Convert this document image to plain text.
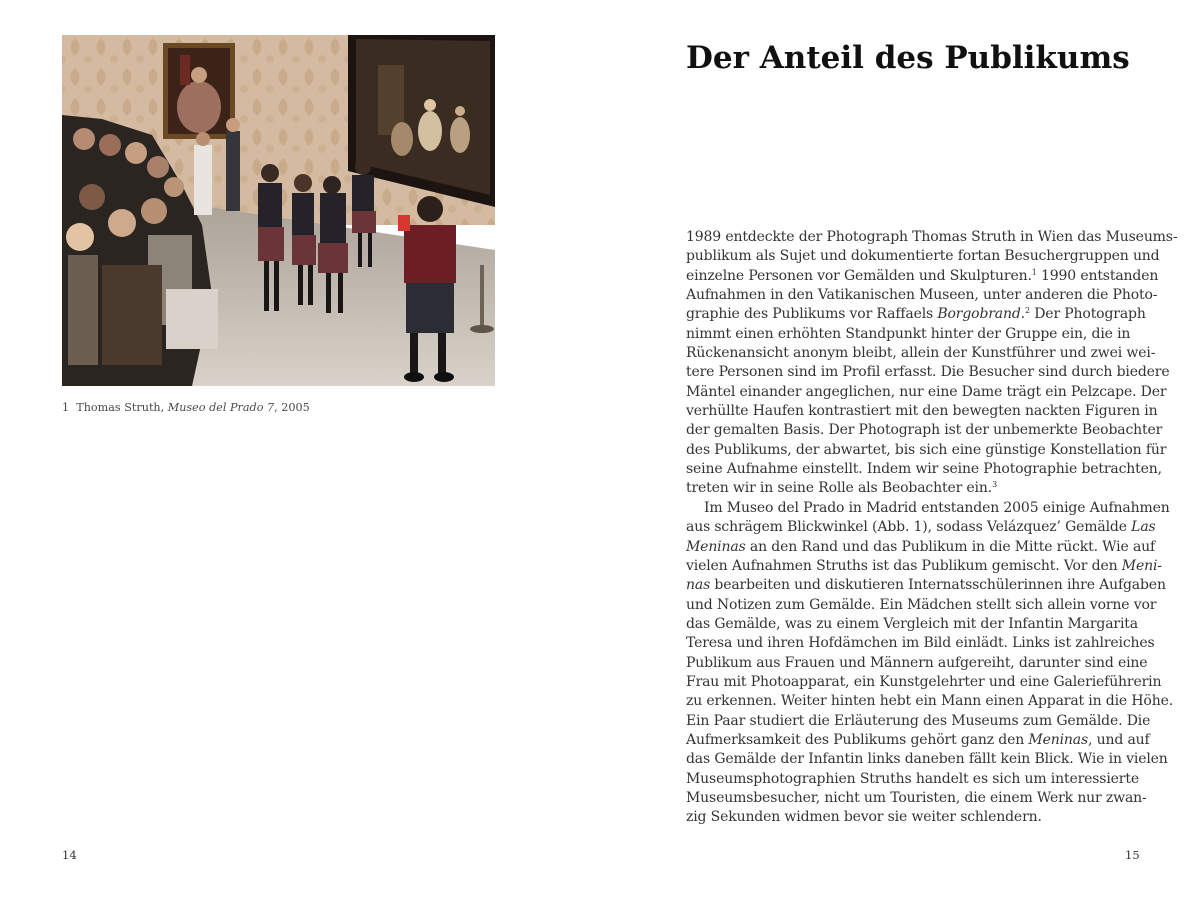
1 Thomas Struth, Museo del Prado 7, 2005
14
Der Anteil des Publikums
1989 entdeckte der Photograph Thomas Struth in Wien das Museums-
publikum als Sujet und dokumentierte fortan Besuchergruppen und
einzelne Personen vor Gemälden und Skulpturen.$^1$ 1990 entstanden
Aufnahmen in den Vatikanischen Museen, unter anderen die Photo-
graphie des Publikums vor Raffaels Borgobrand.$^2$ Der Photograph
nimmt einen erhöhten Standpunkt hinter der Gruppe ein, die in
Rückenansicht anonym bleibt, allein der Kunstführer und zwei wei-
tere Personen sind im Profil erfasst. Die Besucher sind durch biedere
Mäntel einander angeglichen, nur eine Dame trägt ein Pelzcape. Der
verhüllte Haufen kontrastiert mit den bewegten nackten Figuren in
der gemalten Basis. Der Photograph ist der unbemerkte Beobachter
des Publikums, der abwartet, bis sich eine günstige Konstellation für
seine Aufnahme einstellt. Indem wir seine Photographie betrachten,
treten wir in seine Rolle als Beobachter ein.$^3$
Im Museo del Prado in Madrid entstanden 2005 einige Aufnahmen
aus schrägem Blickwinkel (Abb. 1), sodass Velázquez’ Gemälde Las
Meninas an den Rand und das Publikum in die Mitte rückt. Wie auf
vielen Aufnahmen Struths ist das Publikum gemischt. Vor den Meni-
nas bearbeiten und diskutieren Internatsschülerinnen ihre Aufgaben
und Notizen zum Gemälde. Ein Mädchen stellt sich allein vorne vor
das Gemälde, was zu einem Vergleich mit der Infantin Margarita
Teresa und ihren Hofdämchen im Bild einlädt. Links ist zahlreiches
Publikum aus Frauen und Männern aufgereiht, darunter sind eine
Frau mit Photoapparat, ein Kunstgelehrter und eine Galerieführerin
zu erkennen. Weiter hinten hebt ein Mann einen Apparat in die Höhe.
Ein Paar studiert die Erläuterung des Museums zum Gemälde. Die
Aufmerksamkeit des Publikums gehört ganz den Meninas, und auf
das Gemälde der Infantin links daneben fällt kein Blick. Wie in vielen
Museumsphotographien Struths handelt es sich um interessierte
Museumsbesucher, nicht um Touristen, die einem Werk nur zwan-
zig Sekunden widmen bevor sie weiter schlendern.
15
